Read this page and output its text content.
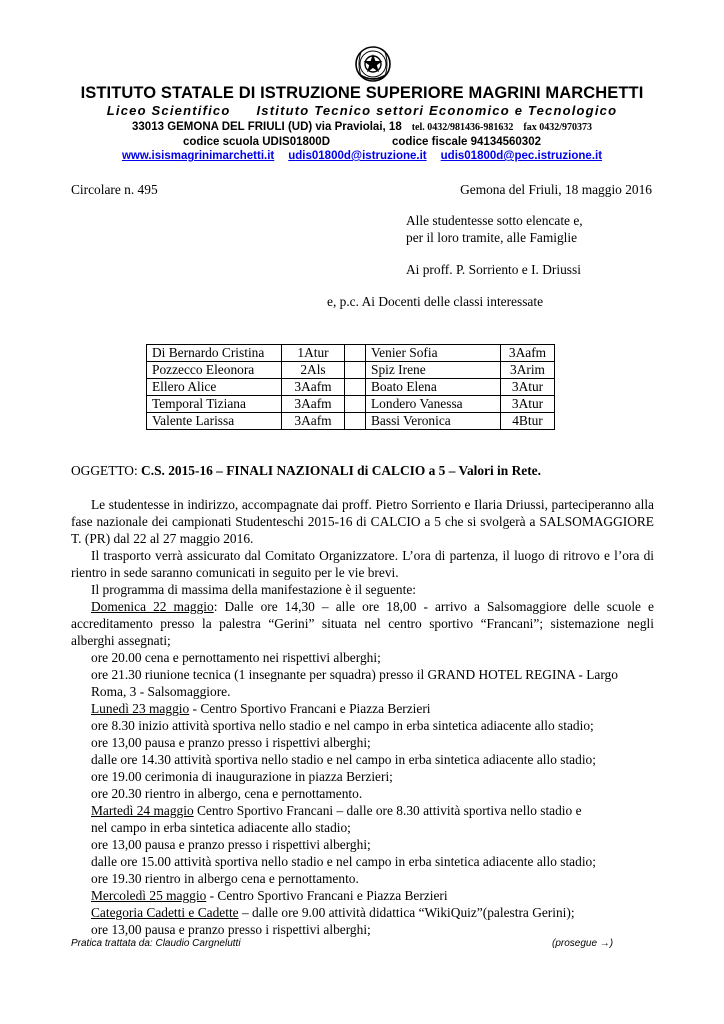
ISTITUTO STATALE DI ISTRUZIONE SUPERIORE MAGRINI MARCHETTI
Liceo Scientifico Istituto Tecnico settori Economico e Tecnologico
33013 GEMONA DEL FRIULI (UD) via Praviolai, 18 tel. 0432/981436-981632 fax 0432/970373
codice scuola UDIS01800D	codice fiscale 94134560302
www.isismagrinimarchetti.it udis01800d@istruzione.it udis01800d@pec.istruzione.it
Circolare n. 495	Gemona del Friuli, 18 maggio 2016
Alle studentesse sotto elencate e,
per il loro tramite, alle Famiglie
Ai proff. P. Sorriento e I. Driussi
e, p.c. Ai Docenti delle classi interessate
Di Bernardo Cristina	1Atur		Venier Sofia	3Aafm
Pozzecco Eleonora	2Als		Spiz Irene	3Arim
Ellero Alice	3Aafm		Boato Elena	3Atur
Temporal Tiziana	3Aafm		Londero Vanessa	3Atur
Valente Larissa	3Aafm		Bassi Veronica	4Btur
OGGETTO: C.S. 2015-16 – FINALI NAZIONALI di CALCIO a 5 – Valori in Rete.

Le studentesse in indirizzo, accompagnate dai proff. Pietro Sorriento e Ilaria Driussi, parteciperanno alla fase nazionale dei campionati Studenteschi 2015-16 di CALCIO a 5 che si svolgerà a SALSOMAGGIORE T. (PR) dal 22 al 27 maggio 2016.

Il trasporto verrà assicurato dal Comitato Organizzatore. L’ora di partenza, il luogo di ritrovo e l’ora di rientro in sede saranno comunicati in seguito per le vie brevi.

Il programma di massima della manifestazione è il seguente:

Domenica 22 maggio: Dalle ore 14,30 – alle ore 18,00 - arrivo a Salsomaggiore delle scuole e accreditamento presso la palestra “Gerini” situata nel centro sportivo “Francani”; sistemazione negli alberghi assegnati;

ore 20.00 cena e pernottamento nei rispettivi alberghi;

ore 21.30 riunione tecnica (1 insegnante per squadra) presso il GRAND HOTEL REGINA - Largo Roma, 3 - Salsomaggiore.

Lunedì 23 maggio - Centro Sportivo Francani e Piazza Berzieri

ore 8.30 inizio attività sportiva nello stadio e nel campo in erba sintetica adiacente allo stadio;

ore 13,00 pausa e pranzo presso i rispettivi alberghi;

dalle ore 14.30 attività sportiva nello stadio e nel campo in erba sintetica adiacente allo stadio;

ore 19.00 cerimonia di inaugurazione in piazza Berzieri;

ore 20.30 rientro in albergo, cena e pernottamento.

Martedì 24 maggio Centro Sportivo Francani – dalle ore 8.30 attività sportiva nello stadio e

nel campo in erba sintetica adiacente allo stadio;

ore 13,00 pausa e pranzo presso i rispettivi alberghi;

dalle ore 15.00 attività sportiva nello stadio e nel campo in erba sintetica adiacente allo stadio;

ore 19.30 rientro in albergo cena e pernottamento.

Mercoledì 25 maggio - Centro Sportivo Francani e Piazza Berzieri

Categoria Cadetti e Cadette – dalle ore 9.00 attività didattica “WikiQuiz”(palestra Gerini);

ore 13,00 pausa e pranzo presso i rispettivi alberghi;

Pratica trattata da: Claudio Cargnelutti	(prosegue →)
